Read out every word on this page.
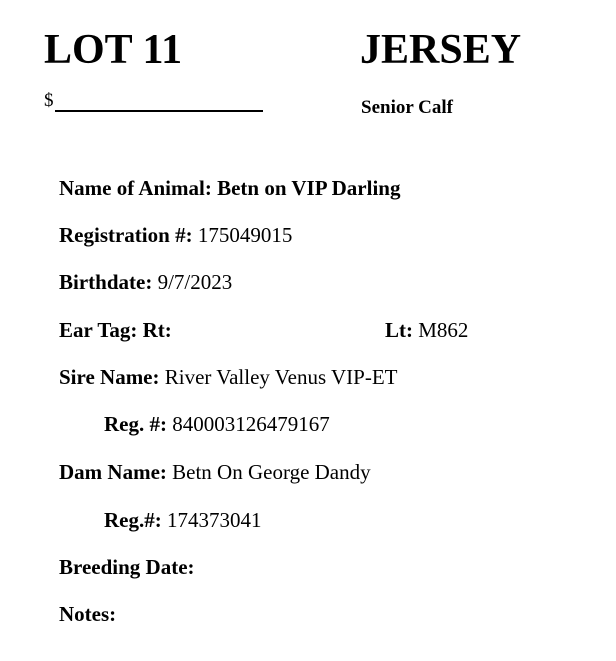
LOT 11	JERSEY
$	Senior Calf
Name of Animal: Betn on VIP Darling
Registration #: 175049015
Birthdate: 9/7/2023
Ear Tag: Rt:	Lt: M862
Sire Name: River Valley Venus VIP-ET
Reg. #: 840003126479167
Dam Name: Betn On George Dandy
Reg.#: 174373041
Breeding Date:
Notes:
